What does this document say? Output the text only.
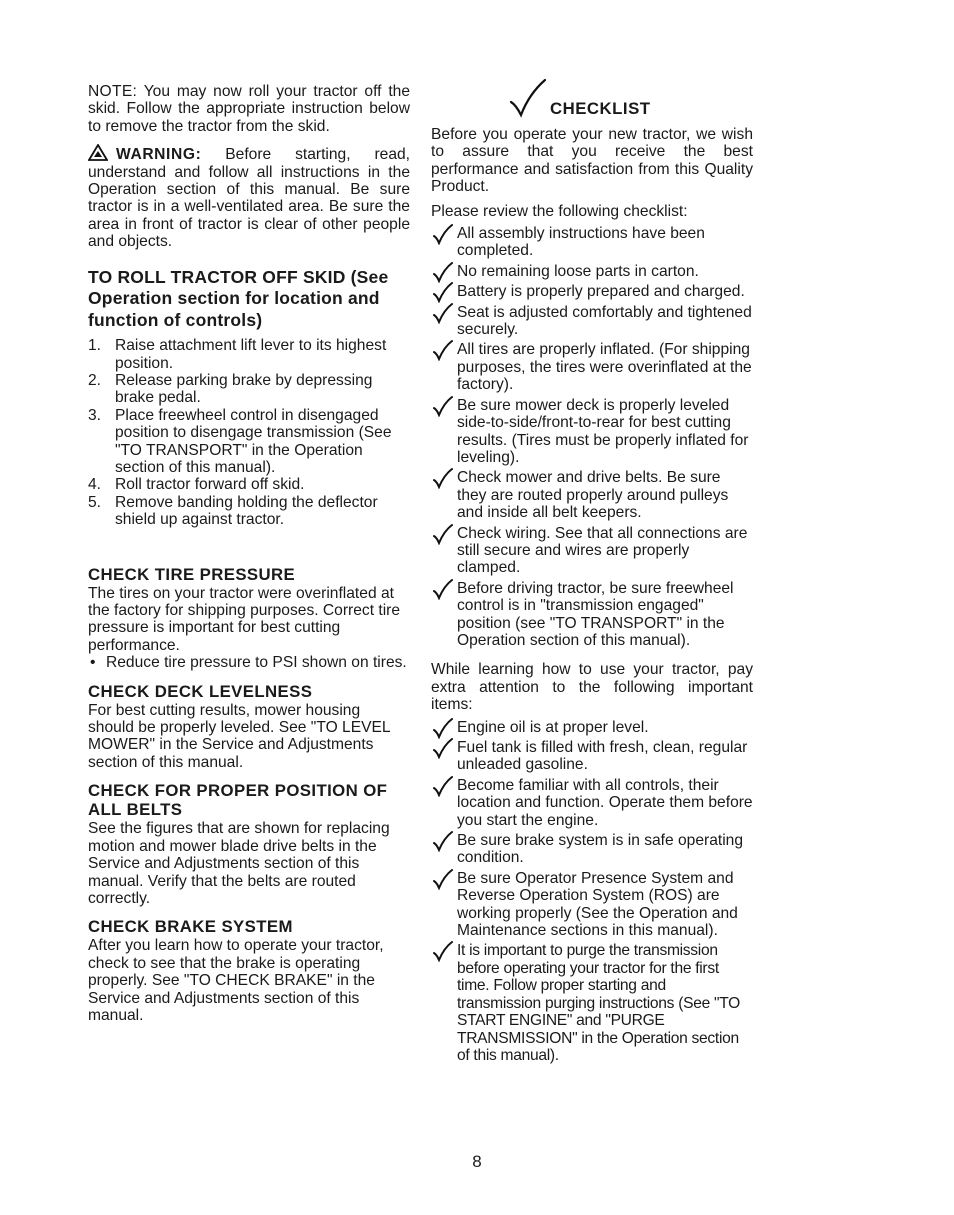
NOTE: You may now roll your tractor off the skid. Follow the appropriate instruction below to remove the tractor from the skid.

WARNING: Before starting, read, understand and follow all instructions in the Operation section of this manual. Be sure tractor is in a well-ventilated area. Be sure the area in front of tractor is clear of other people and objects.

TO ROLL TRACTOR OFF SKID (See Operation section for location and function of controls)
1. Raise attachment lift lever to its highest position.
2. Release parking brake by depressing brake pedal.
3. Place freewheel control in disengaged position to disengage transmission (See "TO TRANSPORT" in the Operation section of this manual).
4. Roll tractor forward off skid.
5. Remove banding holding the deflector shield up against tractor.
CHECK TIRE PRESSURE

The tires on your tractor were overinflated at the factory for shipping purposes. Correct tire pressure is important for best cutting performance.

• Reduce tire pressure to PSI shown on tires.
CHECK DECK LEVELNESS

For best cutting results, mower housing should be properly leveled. See "TO LEVEL MOWER" in the Service and Adjustments section of this manual.

CHECK FOR PROPER POSITION OF ALL BELTS

See the figures that are shown for replacing motion and mower blade drive belts in the Service and Adjustments section of this manual. Verify that the belts are routed correctly.

CHECK BRAKE SYSTEM

After you learn how to operate your tractor, check to see that the brake is operating properly. See "TO CHECK BRAKE" in the Service and Adjustments section of this manual.

CHECKLIST

Before you operate your new tractor, we wish to assure that you receive the best performance and satisfaction from this Quality Product.

Please review the following checklist:

All assembly instructions have been completed.
No remaining loose parts in carton.
Battery is properly prepared and charged.
Seat is adjusted comfortably and tightened securely.
All tires are properly inflated. (For shipping purposes, the tires were overinflated at the factory).
Be sure mower deck is properly leveled side-to-side/front-to-rear for best cutting results. (Tires must be properly inflated for leveling).
Check mower and drive belts. Be sure they are routed properly around pulleys and inside all belt keepers.
Check wiring. See that all connections are still secure and wires are properly clamped.
Before driving tractor, be sure freewheel control is in "transmission engaged" position (see "TO TRANSPORT" in the Operation section of this manual).

While learning how to use your tractor, pay extra attention to the following important items:

Engine oil is at proper level.
Fuel tank is filled with fresh, clean, regular unleaded gasoline.
Become familiar with all controls, their location and function. Operate them before you start the engine.
Be sure brake system is in safe operating condition.
Be sure Operator Presence System and Reverse Operation System (ROS) are working properly (See the Operation and Maintenance sections in this manual).
It is important to purge the transmission before operating your tractor for the first time. Follow proper starting and transmission purging instructions (See "TO START ENGINE" and "PURGE TRANSMISSION" in the Operation section of this manual).
8
